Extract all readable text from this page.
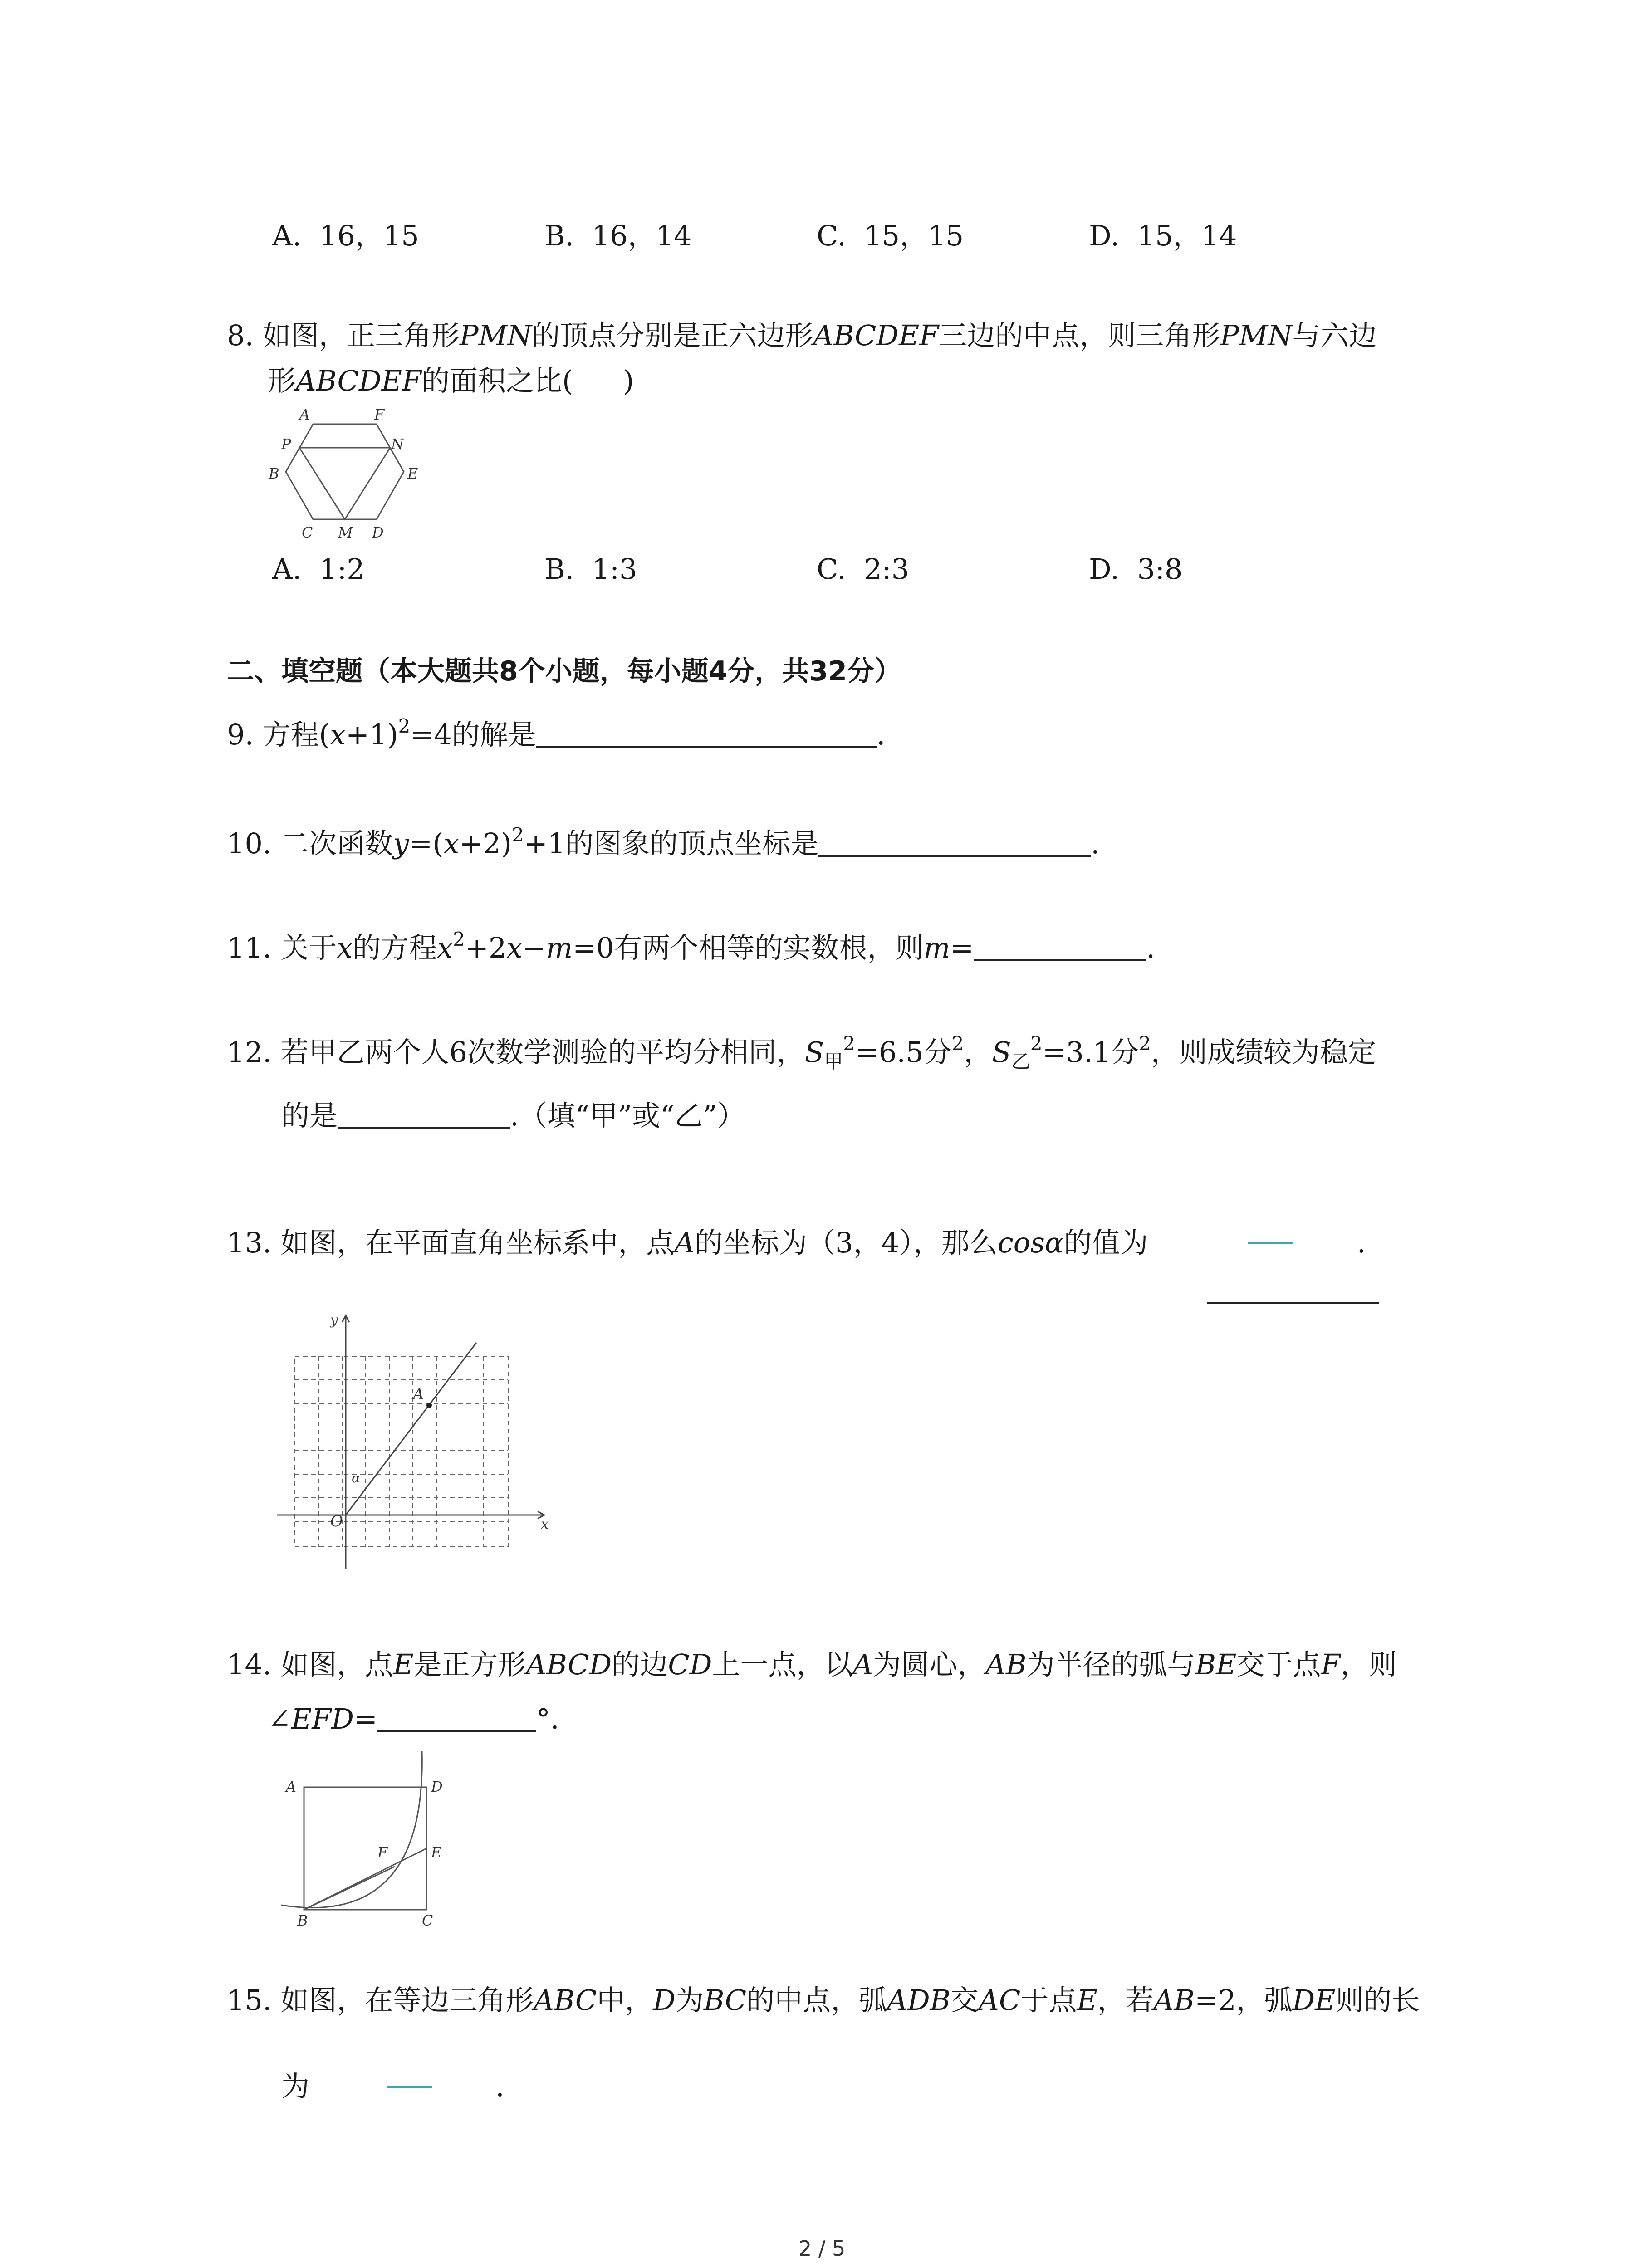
A. 16，15	B. 16，14	C. 15，15	D. 15，14
8. 如图，正三角形PMN的顶点分别是正六边形ABCDEF三边的中点，则三角形PMN与六边
形ABCDEF的面积之比( )
A	F
P	N
B	E
C M D
A. 1:2	B. 1:3	C. 2:3	D. 3:8
二、填空题（本大题共8个小题，每小题4分，共32分）
9. 方程$(x+1)^2=4$的解是	.
10. 二次函数$y=(x+2)^2+1$的图象的顶点坐标是	.
11. 关于x的方程$x^2+2x-m=0$有两个相等的实数根，则m=	.
12. 若甲乙两个人6次数学测验的平均分相同，$S_甲^2=6.5$分$^2$，$S_乙^2=3.1$分$^2$，则成绩较为稳定
的是	.（填“甲”或“乙”）
13. 如图，在平面直角坐标系中，点A的坐标为（3，4），那么cosα的值为	.
y
A
α
O	x
14. 如图，点E是正方形ABCD的边CD上一点，以A为圆心，AB为半径的弧与BE交于点F，则
∠EFD=	°.
A	D
F	E
B	C
15. 如图，在等边三角形ABC中，D为BC的中点，弧ADB交AC于点E，若AB=2，弧DE则的长
为	.
2 / 5
